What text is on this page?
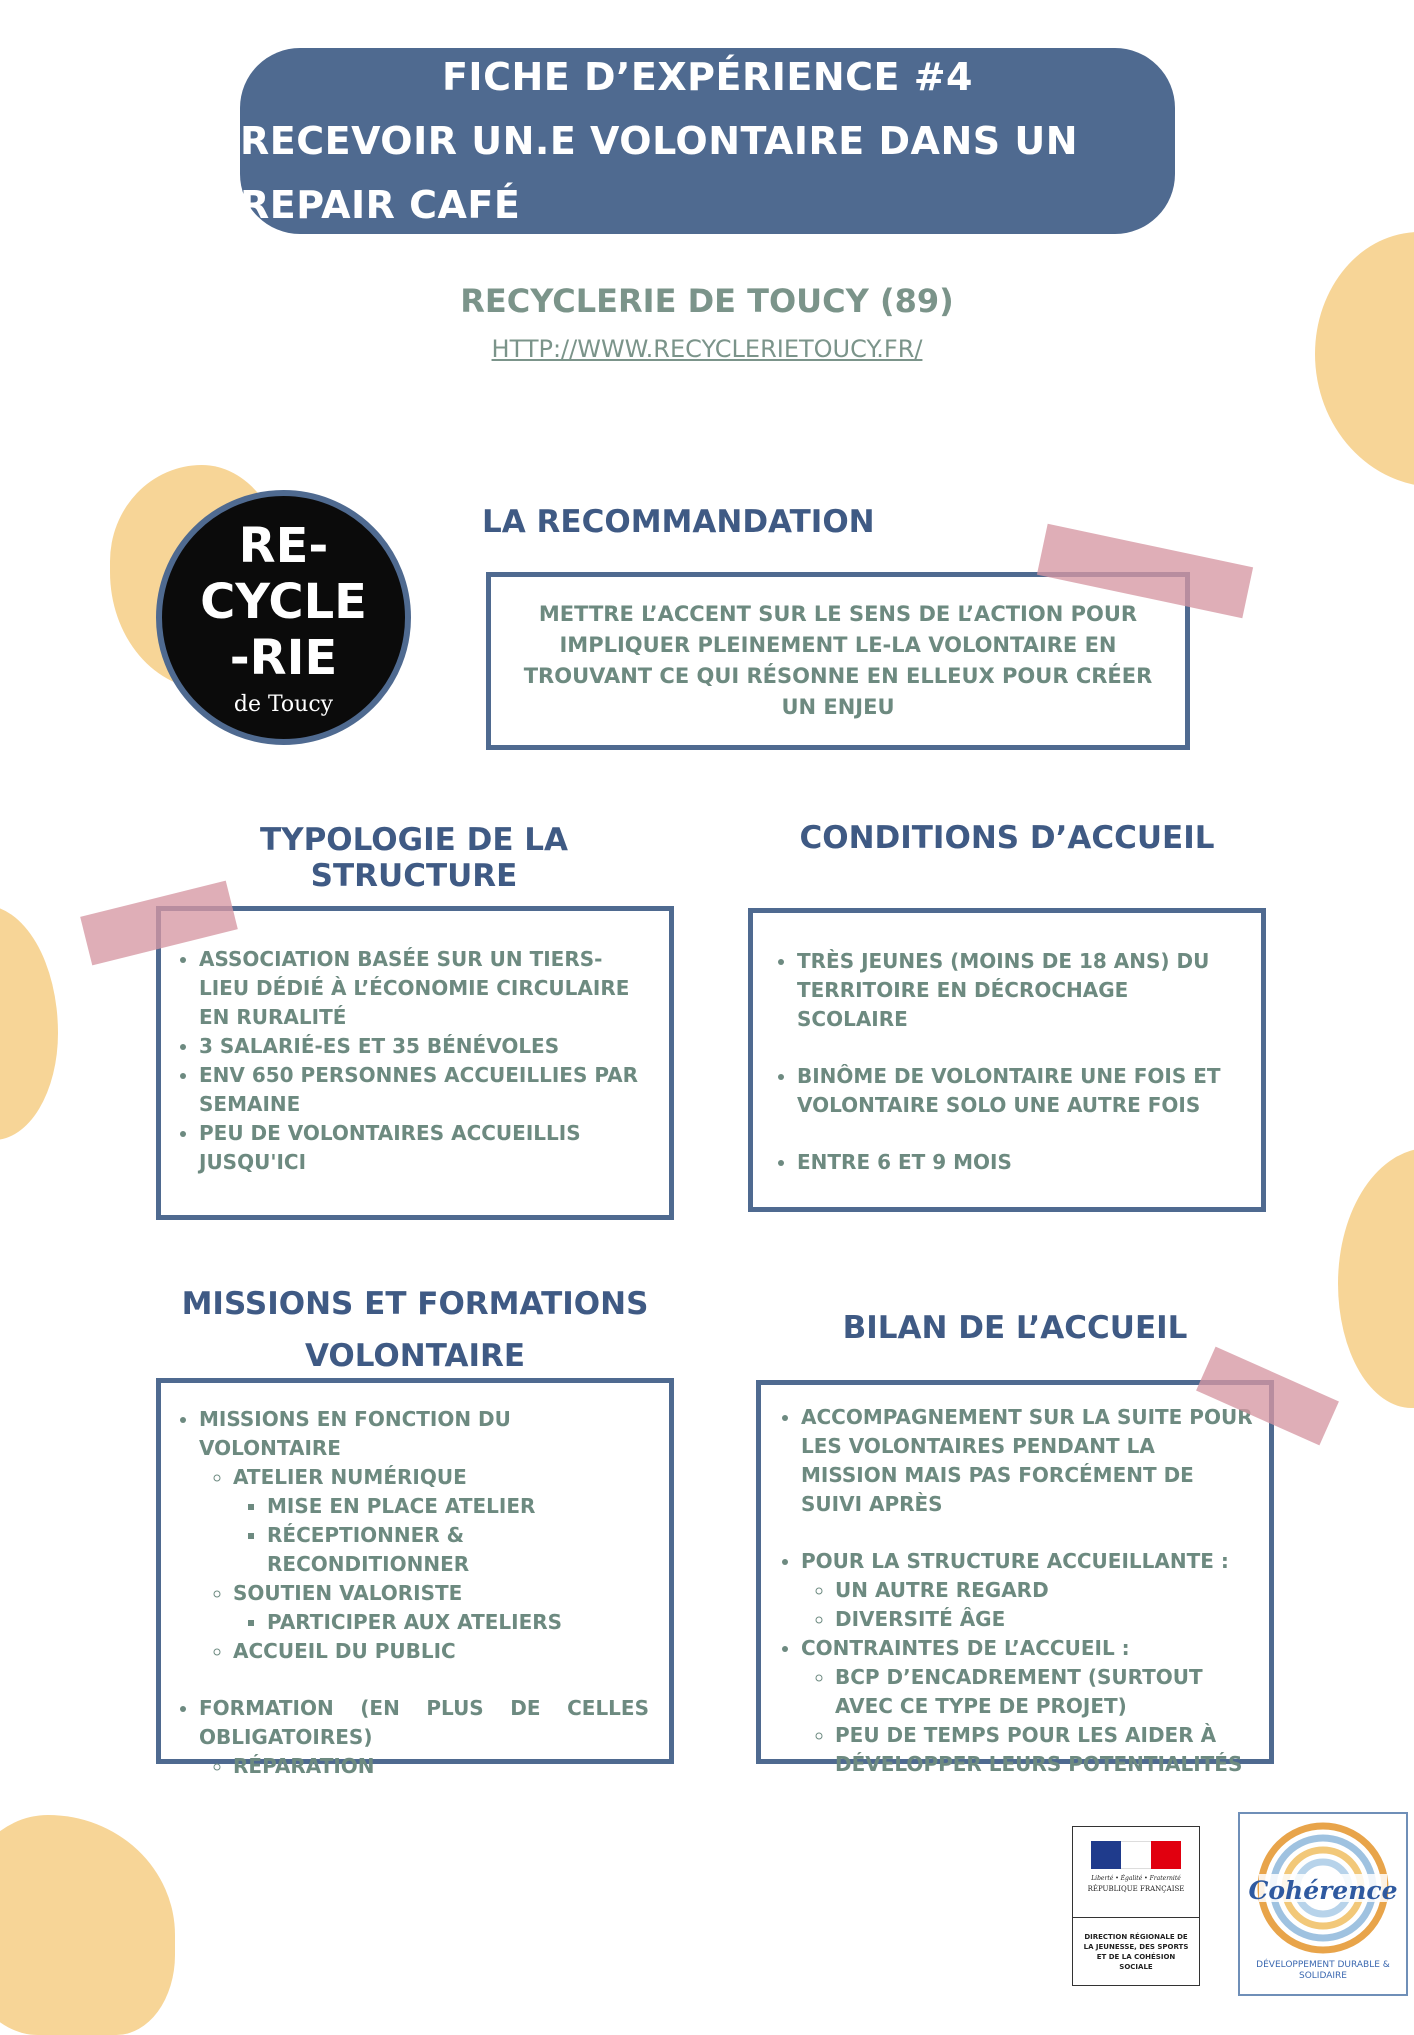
FICHE D’EXPÉRIENCE #4
RECEVOIR UN.E VOLONTAIRE DANS UN REPAIR CAFÉ
RECYCLERIE DE TOUCY (89)
HTTP://WWW.RECYCLERIETOUCY.FR/
RE-
CYCLE
-RIE
de Toucy
LA RECOMMANDATION
METTRE L’ACCENT SUR LE SENS DE L’ACTION POUR IMPLIQUER PLEINEMENT LE-LA VOLONTAIRE EN TROUVANT CE QUI RÉSONNE EN ELLEUX POUR CRÉER UN ENJEU
TYPOLOGIE DE LA STRUCTURE
• ASSOCIATION BASÉE SUR UN TIERS-LIEU DÉDIÉ À L’ÉCONOMIE CIRCULAIRE EN RURALITÉ
• 3 SALARIÉ-ES ET 35 BÉNÉVOLES
• ENV 650 PERSONNES ACCUEILLIES PAR SEMAINE
• PEU DE VOLONTAIRES ACCUEILLIS JUSQU'ICI
CONDITIONS D’ACCUEIL
• TRÈS JEUNES (MOINS DE 18 ANS) DU TERRITOIRE EN DÉCROCHAGE SCOLAIRE
• BINÔME DE VOLONTAIRE UNE FOIS ET VOLONTAIRE SOLO UNE AUTRE FOIS
• ENTRE 6 ET 9 MOIS
MISSIONS ET FORMATIONS
VOLONTAIRE
• MISSIONS EN FONCTION DU VOLONTAIRE
◦ ATELIER NUMÉRIQUE
▪ MISE EN PLACE ATELIER
▪ RÉCEPTIONNER & RECONDITIONNER
◦ SOUTIEN VALORISTE
▪ PARTICIPER AUX ATELIERS
◦ ACCUEIL DU PUBLIC
• FORMATION (EN PLUS DE CELLES OBLIGATOIRES)
◦ RÉPARATION
BILAN DE L’ACCUEIL
• ACCOMPAGNEMENT SUR LA SUITE POUR LES VOLONTAIRES PENDANT LA MISSION MAIS PAS FORCÉMENT DE SUIVI APRÈS
• POUR LA STRUCTURE ACCUEILLANTE :
◦ UN AUTRE REGARD
◦ DIVERSITÉ ÂGE
• CONTRAINTES DE L’ACCUEIL :
◦ BCP D’ENCADREMENT (SURTOUT AVEC CE TYPE DE PROJET)
◦ PEU DE TEMPS POUR LES AIDER À DÉVELOPPER LEURS POTENTIALITÉS
Liberté • Égalité • Fraternité
RÉPUBLIQUE FRANÇAISE
DIRECTION RÉGIONALE DE LA JEUNESSE, DES SPORTS ET DE LA COHÉSION SOCIALE
Cohérence
DÉVELOPPEMENT DURABLE & SOLIDAIRE
